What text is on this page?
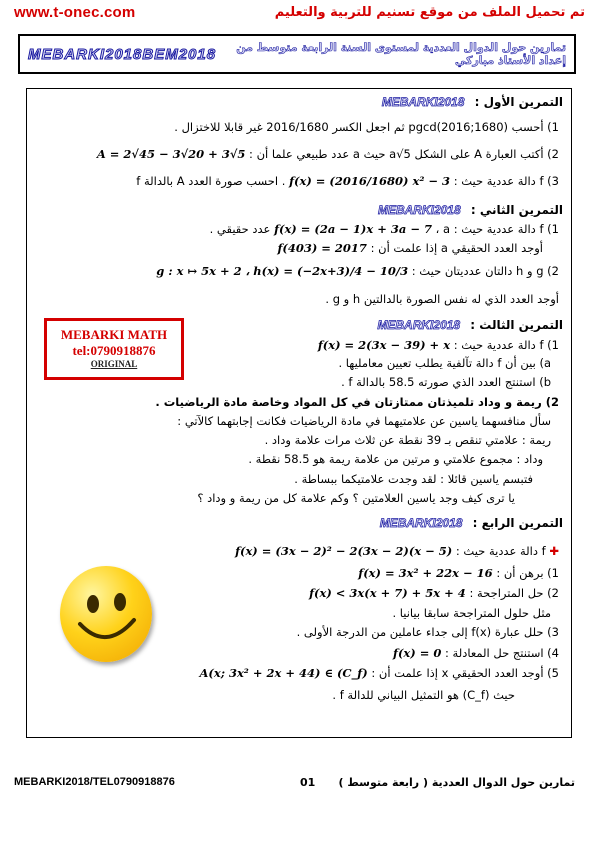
www.t-onec.com	تم تحميل الملف من موقع تسنيم للتربية والتعليم
MEBARKI2018BEM2018	تمارين حول الدوال العددية لمستوى السنة الرابعة متوسط من إعداد الأستاذ مباركي
التمرين الأول : MEBARKI2018
1) أحسب pgcd(2016;1680) ثم اجعل الكسر 2016/1680 غير قابلا للاختزال .
2) أكتب العبارة A على الشكل a√5 حيث a عدد طبيعي علما أن : A = 2√45 − 3√20 + 3√5
3) f دالة عددية حيث : f(x) = (2016/1680) x² − 3 . احسب صورة العدد A بالدالة f
التمرين الثاني : MEBARKI2018
1) f دالة عددية حيث : f(x) = (2a − 1)x + 3a − 7 ، a عدد حقيقي .
أوجد العدد الحقيقي a إذا علمت أن : f(403) = 2017
2) g و h دالتان عدديتان حيث : g : x ↦ 5x + 2 ، h(x) = (−2x+3)/4 − 10/3
أوجد العدد الذي له نفس الصورة بالدالتين h و g .
MEBARKI MATH
tel:0790918876
ORIGINAL
التمرين الثالث : MEBARKI2018
1) f دالة عددية حيث : f(x) = 2(3x − 39) + x
a) بين أن f دالة تآلفية يطلب تعيين معامليها .
b) استنتج العدد الذي صورته 58.5 بالدالة f .
2) ريمة و وداد تلميذتان ممتازتان في كل المواد وخاصة مادة الرياضيات .
سأل منافسهما ياسين عن علامتيهما في مادة الرياضيات فكانت إجابتهما كالآتي :
ريمة : علامتي تنقص بـ 39 نقطة عن ثلاث مرات علامة وداد .
وداد : مجموع علامتي و مرتين من علامة ريمة هو 58.5 نقطة .
فتبسم ياسين قائلا : لقد وجدت علامتيكما ببساطة .
يا ترى كيف وجد ياسين العلامتين ؟ وكم علامة كل من ريمة و وداد ؟
التمرين الرابع : MEBARKI2018
✚ f دالة عددية حيث : f(x) = (3x − 2)² − 2(3x − 2)(x − 5)
1) برهن أن : f(x) = 3x² + 22x − 16
2) حل المتراجحة : f(x) < 3x(x + 7) + 5x + 4
مثل حلول المتراجحة سابقا بيانيا .
3) حلل عبارة f(x) إلى جداء عاملين من الدرجة الأولى .
4) استنتج حل المعادلة : f(x) = 0
5) أوجد العدد الحقيقي x إذا علمت أن : A(x; 3x² + 2x + 44) ∈ (C_f)
حيث (C_f) هو التمثيل البياني للدالة f .
MEBARKI2018/TEL0790918876	01 تمارين حول الدوال العددية ( رابعة متوسط )
